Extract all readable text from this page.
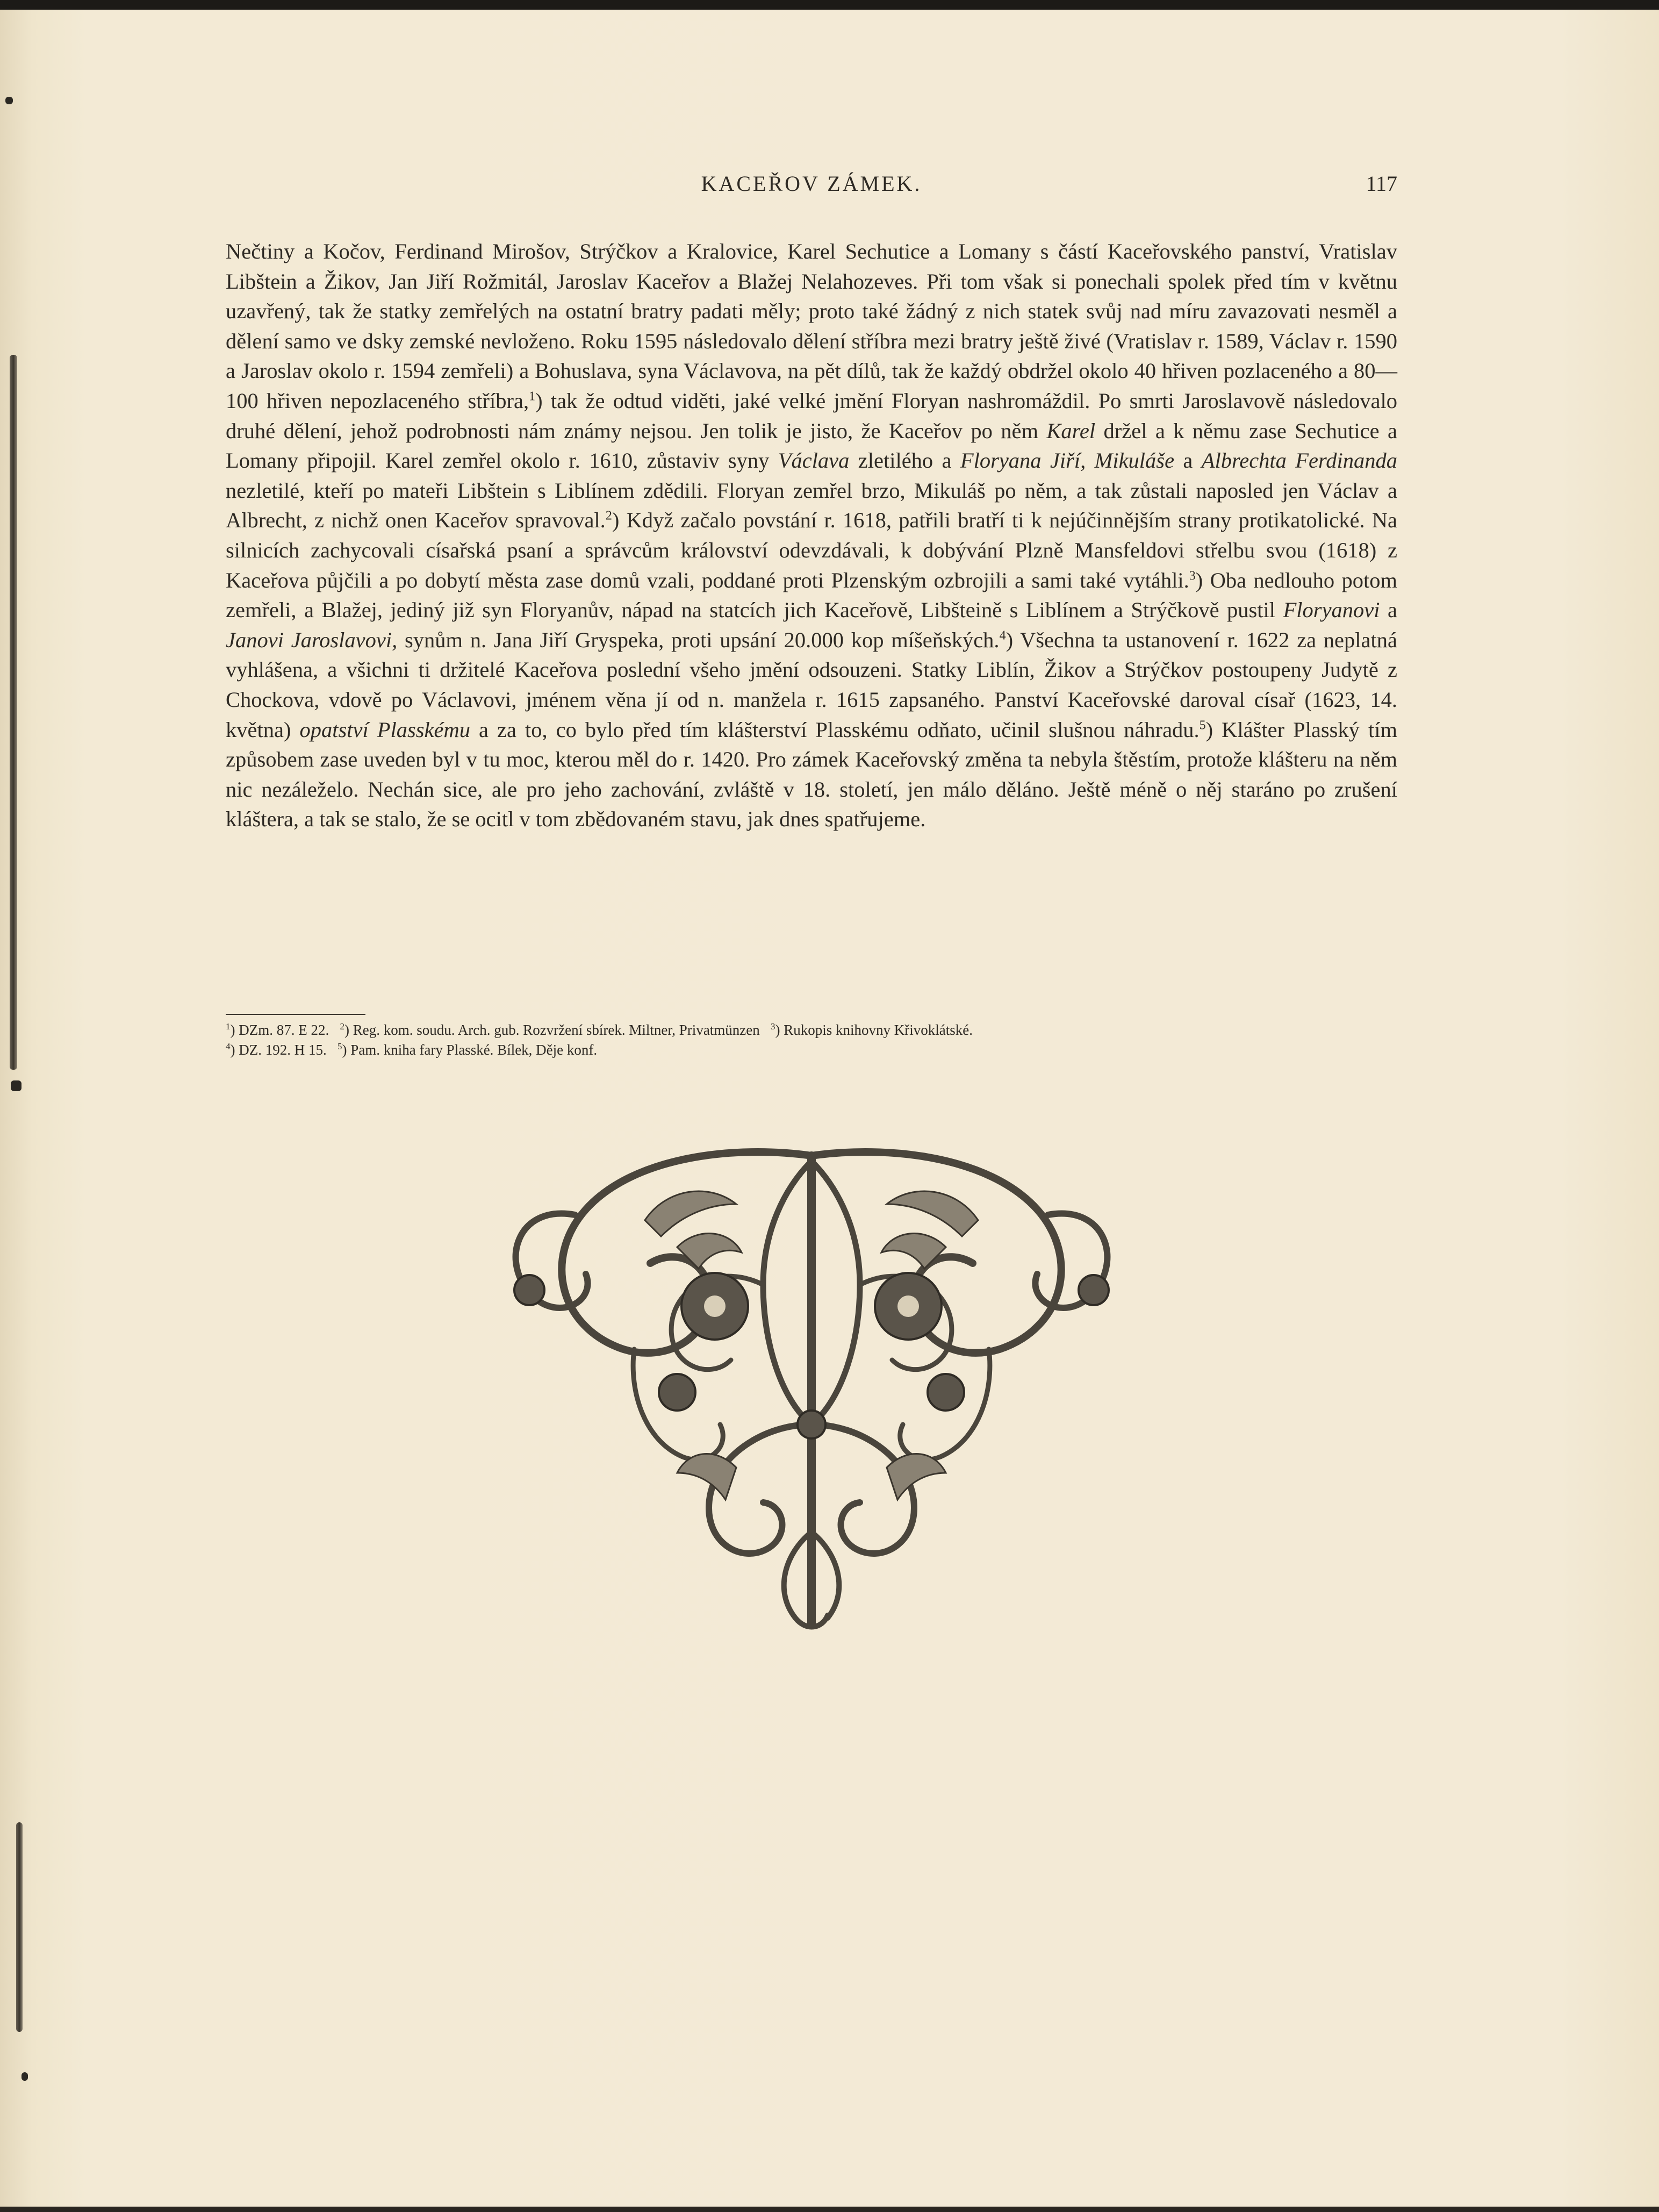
KACEŘOV ZÁMEK.	117

Nečtiny a Kočov, Ferdinand Mirošov, Strýčkov a Kralovice, Karel Sechutice a Lomany s částí Kaceřovského panství, Vratislav Libštein a Žikov, Jan Jiří Rožmitál, Jaroslav Kaceřov a Blažej Nelahozeves. Při tom však si ponechali spolek před tím v květnu uzavřený, tak že statky zemřelých na ostatní bratry padati měly; proto také žádný z nich statek svůj nad míru zavazovati nesměl a dělení samo ve dsky zemské nevloženo. Roku 1595 následovalo dělení stříbra mezi bratry ještě živé (Vratislav r. 1589, Václav r. 1590 a Jaroslav okolo r. 1594 zemřeli) a Bohuslava, syna Václavova, na pět dílů, tak že každý obdržel okolo 40 hřiven pozlaceného a 80—100 hřiven nepozlaceného stříbra,$^1$) tak že odtud viděti, jaké velké jmění Floryan nashromáždil. Po smrti Jaroslavově následovalo druhé dělení, jehož podrobnosti nám známy nejsou. Jen tolik je jisto, že Kaceřov po něm Karel držel a k němu zase Sechutice a Lomany připojil. Karel zemřel okolo r. 1610, zůstaviv syny Václava zletilého a Floryana Jiří, Mikuláše a Albrechta Ferdinanda nezletilé, kteří po mateři Libštein s Liblínem zdědili. Floryan zemřel brzo, Mikuláš po něm, a tak zůstali naposled jen Václav a Albrecht, z nichž onen Kaceřov spravoval.$^2$) Když začalo povstání r. 1618, patřili bratří ti k nejúčinnějším strany protikatolické. Na silnicích zachycovali císařská psaní a správcům království odevzdávali, k dobývání Plzně Mansfeldovi střelbu svou (1618) z Kaceřova půjčili a po dobytí města zase domů vzali, poddané proti Plzenským ozbrojili a sami také vytáhli.$^3$) Oba nedlouho potom zemřeli, a Blažej, jediný již syn Floryanův, nápad na statcích jich Kaceřově, Libšteině s Liblínem a Strýčkově pustil Floryanovi a Janovi Jaroslavovi, synům n. Jana Jiří Gryspeka, proti upsání 20.000 kop míšeňských.$^4$) Všechna ta ustanovení r. 1622 za neplatná vyhlášena, a všichni ti držitelé Kaceřova poslední všeho jmění odsouzeni. Statky Liblín, Žikov a Strýčkov postoupeny Judytě z Chockova, vdově po Václavovi, jménem věna jí od n. manžela r. 1615 zapsaného. Panství Kaceřovské daroval císař (1623, 14. května) opatství Plasskému a za to, co bylo před tím klášterství Plasskému odňato, učinil slušnou náhradu.$^5$) Klášter Plasský tím způsobem zase uveden byl v tu moc, kterou měl do r. 1420. Pro zámek Kaceřovský změna ta nebyla štěstím, protože klášteru na něm nic nezáleželo. Nechán sice, ale pro jeho zachování, zvláště v 18. století, jen málo děláno. Ještě méně o něj staráno po zrušení kláštera, a tak se stalo, že se ocitl v tom zbědovaném stavu, jak dnes spatřujeme.

$^1$) DZm. 87. E 22. $^2$) Reg. kom. soudu. Arch. gub. Rozvržení sbírek. Miltner, Privatmünzen $^3$) Rukopis knihovny Křivoklátské.
$^4$) DZ. 192. H 15. $^5$) Pam. kniha fary Plasské. Bílek, Děje konf.
